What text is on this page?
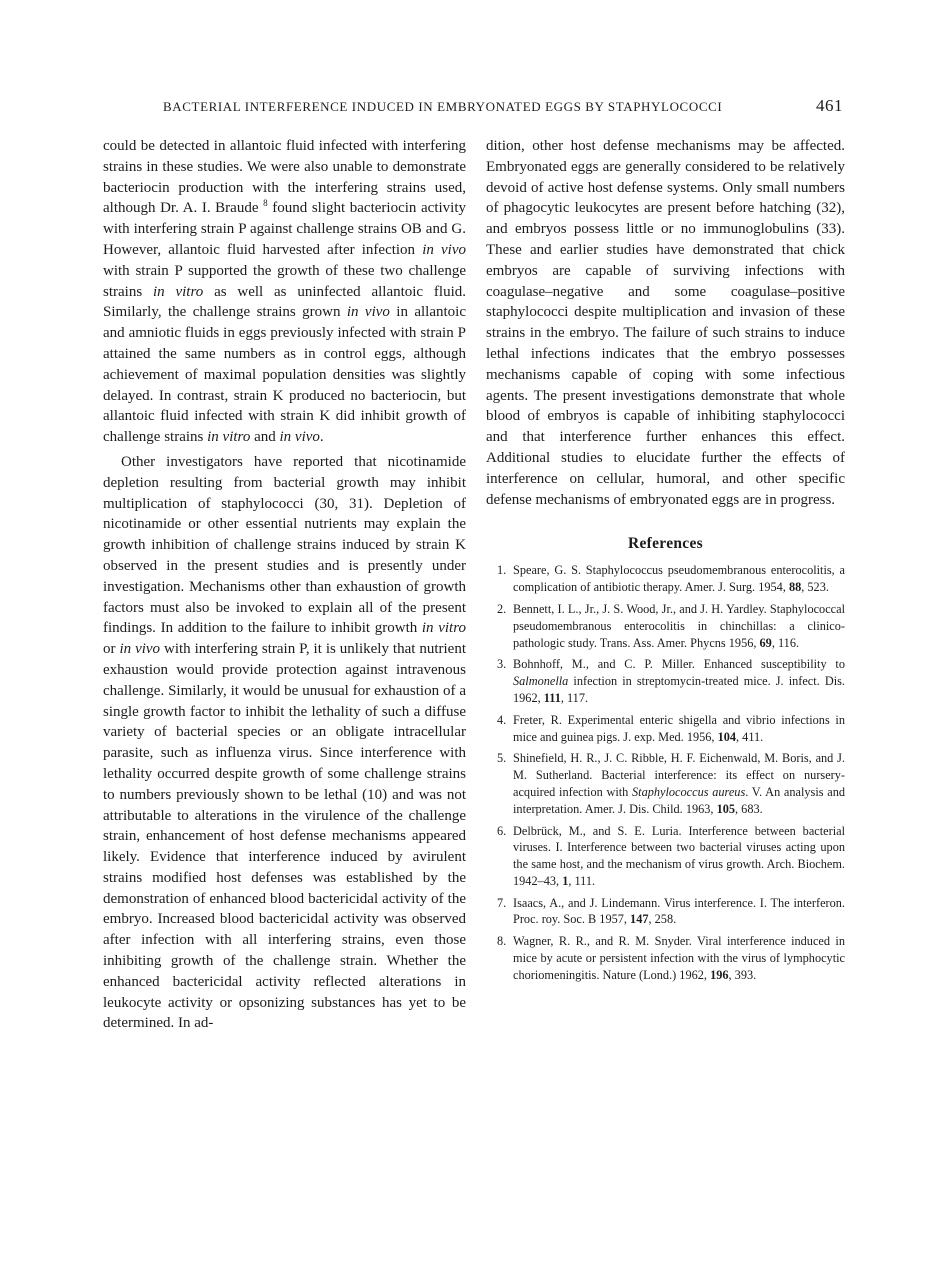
BACTERIAL INTERFERENCE INDUCED IN EMBRYONATED EGGS BY STAPHYLOCOCCI	461

could be detected in allantoic fluid infected with interfering strains in these studies. We were also unable to demonstrate bacteriocin production with the interfering strains used, although Dr. A. I. Braude $^8$ found slight bacteriocin activity with interfering strain P against challenge strains OB and G. However, allantoic fluid harvested after infection in vivo with strain P supported the growth of these two challenge strains in vitro as well as uninfected allantoic fluid. Similarly, the challenge strains grown in vivo in allantoic and amniotic fluids in eggs previously infected with strain P attained the same numbers as in control eggs, although achievement of maximal population densities was slightly delayed. In contrast, strain K produced no bacteriocin, but allantoic fluid infected with strain K did inhibit growth of challenge strains in vitro and in vivo.

Other investigators have reported that nicotinamide depletion resulting from bacterial growth may inhibit multiplication of staphylococci (30, 31). Depletion of nicotinamide or other essential nutrients may explain the growth inhibition of challenge strains induced by strain K observed in the present studies and is presently under investigation. Mechanisms other than exhaustion of growth factors must also be invoked to explain all of the present findings. In addition to the failure to inhibit growth in vitro or in vivo with interfering strain P, it is unlikely that nutrient exhaustion would provide protection against intravenous challenge. Similarly, it would be unusual for exhaustion of a single growth factor to inhibit the lethality of such a diffuse variety of bacterial species or an obligate intracellular parasite, such as influenza virus. Since interference with lethality occurred despite growth of some challenge strains to numbers previously shown to be lethal (10) and was not attributable to alterations in the virulence of the challenge strain, enhancement of host defense mechanisms appeared likely. Evidence that interference induced by avirulent strains modified host defenses was established by the demonstration of enhanced blood bactericidal activity of the embryo. Increased blood bactericidal activity was observed after infection with all interfering strains, even those inhibiting growth of the challenge strain. Whether the enhanced bactericidal activity reflected alterations in leukocyte activity or opsonizing substances has yet to be determined. In ad-

dition, other host defense mechanisms may be affected. Embryonated eggs are generally considered to be relatively devoid of active host defense systems. Only small numbers of phagocytic leukocytes are present before hatching (32), and embryos possess little or no immunoglobulins (33). These and earlier studies have demonstrated that chick embryos are capable of surviving infections with coagulase–negative and some coagulase–positive staphylococci despite multiplication and invasion of these strains in the embryo. The failure of such strains to induce lethal infections indicates that the embryo possesses mechanisms capable of coping with some infectious agents. The present investigations demonstrate that whole blood of embryos is capable of inhibiting staphylococci and that interference further enhances this effect. Additional studies to elucidate further the effects of interference on cellular, humoral, and other specific defense mechanisms of embryonated eggs are in progress.

References
1. Speare, G. S. Staphylococcus pseudomembranous enterocolitis, a complication of antibiotic therapy. Amer. J. Surg. 1954, 88, 523.
2. Bennett, I. L., Jr., J. S. Wood, Jr., and J. H. Yardley. Staphylococcal pseudomembranous enterocolitis in chinchillas: a clinico-pathologic study. Trans. Ass. Amer. Phycns 1956, 69, 116.
3. Bohnhoff, M., and C. P. Miller. Enhanced susceptibility to Salmonella infection in streptomycin-treated mice. J. infect. Dis. 1962, 111, 117.
4. Freter, R. Experimental enteric shigella and vibrio infections in mice and guinea pigs. J. exp. Med. 1956, 104, 411.
5. Shinefield, H. R., J. C. Ribble, H. F. Eichenwald, M. Boris, and J. M. Sutherland. Bacterial interference: its effect on nursery-acquired infection with Staphylococcus aureus. V. An analysis and interpretation. Amer. J. Dis. Child. 1963, 105, 683.
6. Delbrück, M., and S. E. Luria. Interference between bacterial viruses. I. Interference between two bacterial viruses acting upon the same host, and the mechanism of virus growth. Arch. Biochem. 1942–43, 1, 111.
7. Isaacs, A., and J. Lindemann. Virus interference. I. The interferon. Proc. roy. Soc. B 1957, 147, 258.
8. Wagner, R. R., and R. M. Snyder. Viral interference induced in mice by acute or persistent infection with the virus of lymphocytic choriomeningitis. Nature (Lond.) 1962, 196, 393.
